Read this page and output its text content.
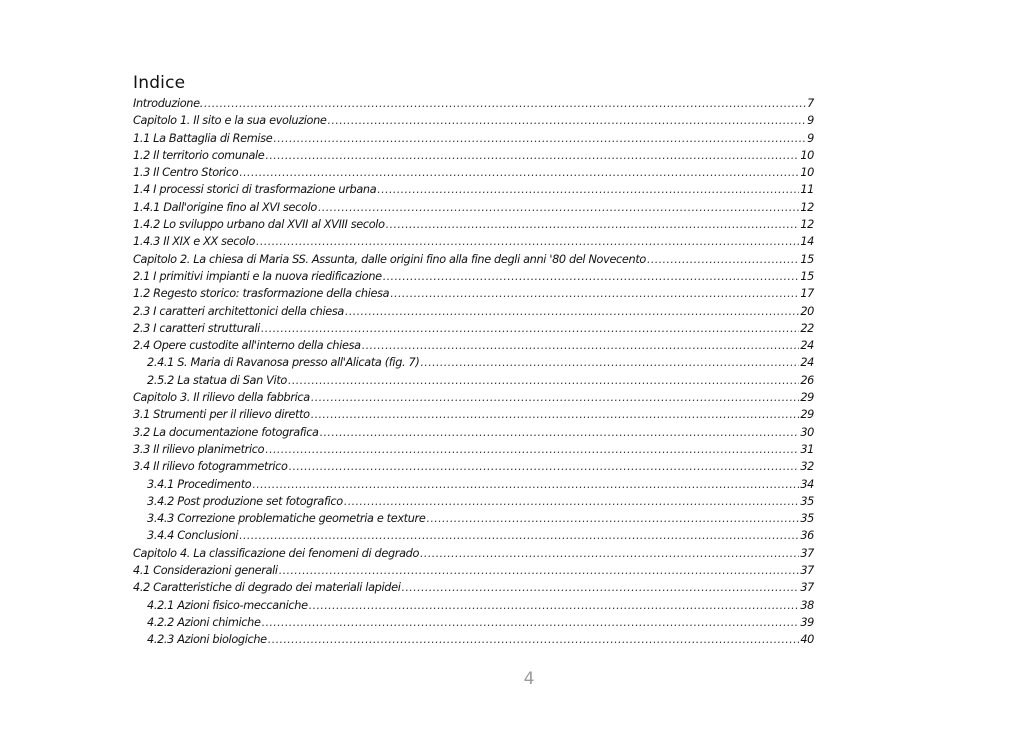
Indice
Introduzione. .....	7
Capitolo 1. Il sito e la sua evoluzione .....	9
1.1 La Battaglia di Remise .....	9
1.2 Il territorio comunale .....	10
1.3 Il Centro Storico .....	10
1.4 I processi storici di trasformazione urbana .....	11
1.4.1 Dall'origine fino al XVI secolo .....	12
1.4.2 Lo sviluppo urbano dal XVII al XVIII secolo .....	12
1.4.3 Il XIX e XX secolo .....	14
Capitolo 2. La chiesa di Maria SS. Assunta, dalle origini fino alla fine degli anni '80 del Novecento .....	15
2.1 I primitivi impianti e la nuova riedificazione .....	15
1.2 Regesto storico: trasformazione della chiesa .....	17
2.3 I caratteri architettonici della chiesa .....	20
2.3 I caratteri strutturali .....	22
2.4 Opere custodite all'interno della chiesa .....	24
2.4.1 S. Maria di Ravanosa presso all'Alicata (fig. 7) .....	24
2.5.2 La statua di San Vito .....	26
Capitolo 3. Il rilievo della fabbrica .....	29
3.1 Strumenti per il rilievo diretto .....	29
3.2 La documentazione fotografica .....	30
3.3 Il rilievo planimetrico .....	31
3.4 Il rilievo fotogrammetrico .....	32
3.4.1 Procedimento .....	34
3.4.2 Post produzione set fotografico .....	35
3.4.3 Correzione problematiche geometria e texture .....	35
3.4.4 Conclusioni .....	36
Capitolo 4. La classificazione dei fenomeni di degrado .....	37
4.1 Considerazioni generali .....	37
4.2 Caratteristiche di degrado dei materiali lapidei .....	37
4.2.1 Azioni fisico-meccaniche .....	38
4.2.2 Azioni chimiche .....	39
4.2.3 Azioni biologiche .....	40
4
